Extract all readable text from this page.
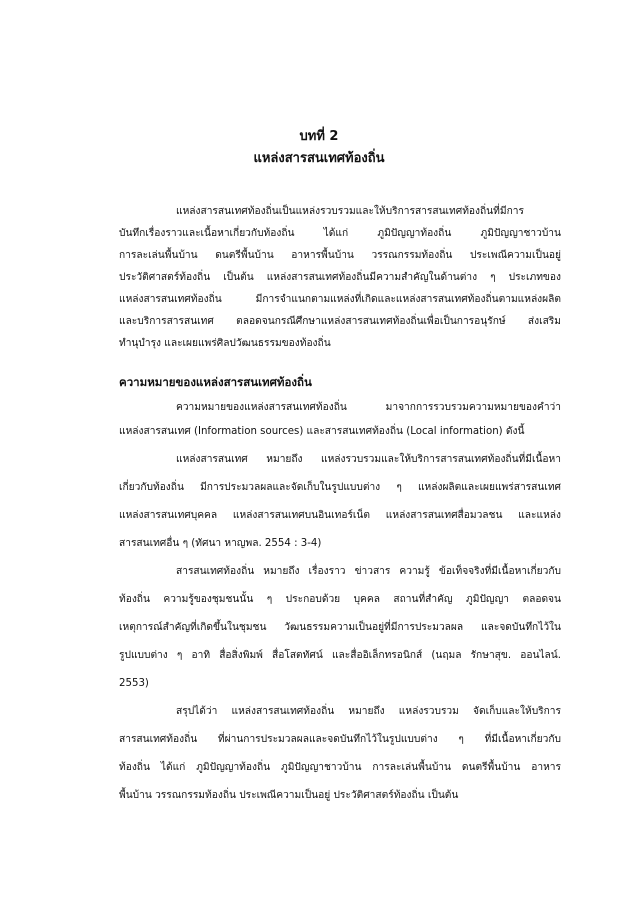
บทที่ 2
แหล่งสารสนเทศท้องถิ่น
แหล่งสารสนเทศท้องถิ่นเป็นแหล่งรวบรวมและให้บริการสารสนเทศท้องถิ่นที่มีการ
บันทึกเรื่องราวและเนื้อหาเกี่ยวกับท้องถิ่น ได้แก่ ภูมิปัญญาท้องถิ่น ภูมิปัญญาชาวบ้าน
การละเล่นพื้นบ้าน ดนตรีพื้นบ้าน อาหารพื้นบ้าน วรรณกรรมท้องถิ่น ประเพณีความเป็นอยู่
ประวัติศาสตร์ท้องถิ่น เป็นต้น แหล่งสารสนเทศท้องถิ่นมีความสำคัญในด้านต่าง ๆ ประเภทของ
แหล่งสารสนเทศท้องถิ่น มีการจำแนกตามแหล่งที่เกิดและแหล่งสารสนเทศท้องถิ่นตามแหล่งผลิต
และบริการสารสนเทศ ตลอดจนกรณีศึกษาแหล่งสารสนเทศท้องถิ่นเพื่อเป็นการอนุรักษ์ ส่งเสริม
ความหมายของแหล่งสารสนเทศท้องถิ่น
ความหมายของแหล่งสารสนเทศท้องถิ่น มาจากการรวบรวมความหมายของคำว่า
แหล่งสารสนเทศ (Information sources) และสารสนเทศท้องถิ่น (Local information) ดังนี้
แหล่งสารสนเทศ หมายถึง แหล่งรวบรวมและให้บริการสารสนเทศท้องถิ่นที่มีเนื้อหา
เกี่ยวกับท้องถิ่น มีการประมวลผลและจัดเก็บในรูปแบบต่าง ๆ แหล่งผลิตและเผยแพร่สารสนเทศ
แหล่งสารสนเทศบุคคล แหล่งสารสนเทศบนอินเทอร์เน็ต แหล่งสารสนเทศสื่อมวลชน และแหล่ง
สารสนเทศอื่น ๆ (ทัศนา หาญพล. 2554 : 3-4)
สารสนเทศท้องถิ่น หมายถึง เรื่องราว ข่าวสาร ความรู้ ข้อเท็จจริงที่มีเนื้อหาเกี่ยวกับ
ท้องถิ่น ความรู้ของชุมชนนั้น ๆ ประกอบด้วย บุคคล สถานที่สำคัญ ภูมิปัญญา ตลอดจน
เหตุการณ์สำคัญที่เกิดขึ้นในชุมชน วัฒนธรรมความเป็นอยู่ที่มีการประมวลผล และจดบันทึกไว้ใน
รูปแบบต่าง ๆ อาทิ สื่อสิ่งพิมพ์ สื่อโสตทัศน์ และสื่ออิเล็กทรอนิกส์ (นฤมล รักษาสุข. ออนไลน์.
2553)
สรุปได้ว่า แหล่งสารสนเทศท้องถิ่น หมายถึง แหล่งรวบรวม จัดเก็บและให้บริการ
สารสนเทศท้องถิ่น ที่ผ่านการประมวลผลและจดบันทึกไว้ในรูปแบบต่าง ๆ ที่มีเนื้อหาเกี่ยวกับ
ท้องถิ่น ได้แก่ ภูมิปัญญาท้องถิ่น ภูมิปัญญาชาวบ้าน การละเล่นพื้นบ้าน ดนตรีพื้นบ้าน อาหาร
พื้นบ้าน วรรณกรรมท้องถิ่น ประเพณีความเป็นอยู่ ประวัติศาสตร์ท้องถิ่น เป็นต้น
ทำนุบำรุง และเผยแพร่ศิลปวัฒนธรรมของท้องถิ่น
